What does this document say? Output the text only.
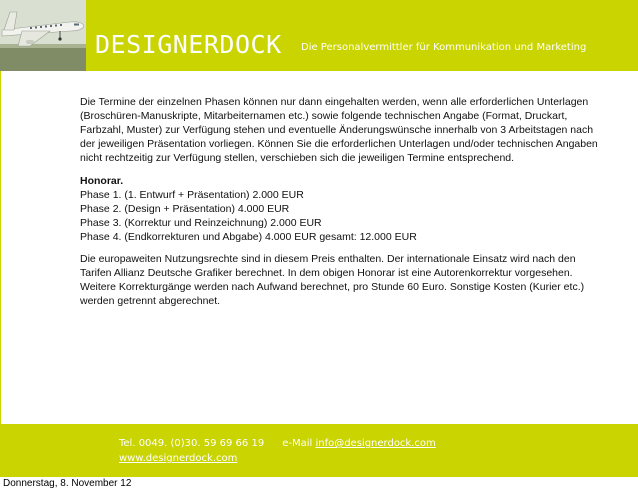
DESIGNERDOCK Die Personalvermittler für Kommunikation und Marketing

Die Termine der einzelnen Phasen können nur dann eingehalten werden, wenn alle erforderlichen Unterlagen (Broschüren-Manuskripte, Mitarbeiternamen etc.) sowie folgende technischen Angabe (Format, Druckart, Farbzahl, Muster) zur Verfügung stehen und eventuelle Änderungswünsche innerhalb von 3 Arbeitstagen nach der jeweiligen Präsentation vorliegen. Können Sie die erforderlichen Unterlagen und/oder technischen Angaben nicht rechtzeitig zur Verfügung stellen, verschieben sich die jeweiligen Termine entsprechend.

Honorar.
Phase 1. (1. Entwurf + Präsentation) 2.000 EUR
Phase 2. (Design + Präsentation) 4.000 EUR
Phase 3. (Korrektur und Reinzeichnung) 2.000 EUR
Phase 4. (Endkorrekturen und Abgabe) 4.000 EUR gesamt: 12.000 EUR

Die europaweiten Nutzungsrechte sind in diesem Preis enthalten. Der internationale Einsatz wird nach den Tarifen Allianz Deutsche Grafiker berechnet. In dem obigen Honorar ist eine Autorenkorrektur vorgesehen. Weitere Korrekturgänge werden nach Aufwand berechnet, pro Stunde 60 Euro. Sonstige Kosten (Kurier etc.) werden getrennt abgerechnet.

Tel. 0049. (0)30. 59 69 66 19 e-Mail info@designerdock.com
www.designerdock.com
Donnerstag, 8. November 12
